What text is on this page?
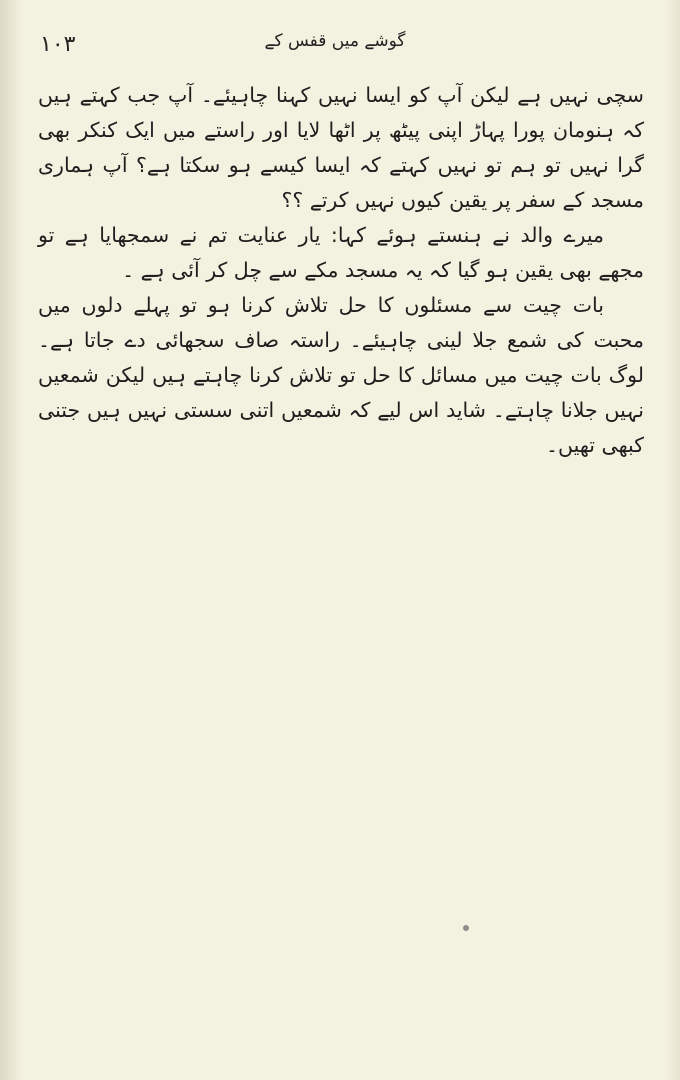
١٠٣	گوشے میں قفس کے

سچی نہیں ہے لیکن آپ کو ایسا نہیں کہنا چاہیئے۔ آپ جب کہتے ہیں کہ ہنومان پورا پہاڑ اپنی پیٹھ پر اٹھا لایا اور راستے میں ایک کنکر بھی گرا نہیں تو ہم تو نہیں کہتے کہ ایسا کیسے ہو سکتا ہے؟ آپ ہماری مسجد کے سفر پر یقین کیوں نہیں کرتے ؟؟

میرے والد نے ہنستے ہوئے کہا: یار عنایت تم نے سمجھایا ہے تو مجھے بھی یقین ہو گیا کہ یہ مسجد مکے سے چل کر آئی ہے ۔

بات چیت سے مسئلوں کا حل تلاش کرنا ہو تو پہلے دلوں میں محبت کی شمع جلا لینی چاہیئے۔ راستہ صاف سجھائی دے جاتا ہے۔ لوگ بات چیت میں مسائل کا حل تو تلاش کرنا چاہتے ہیں لیکن شمعیں نہیں جلانا چاہتے۔ شاید اس لیے کہ شمعیں اتنی سستی نہیں ہیں جتنی کبھی تھیں۔
